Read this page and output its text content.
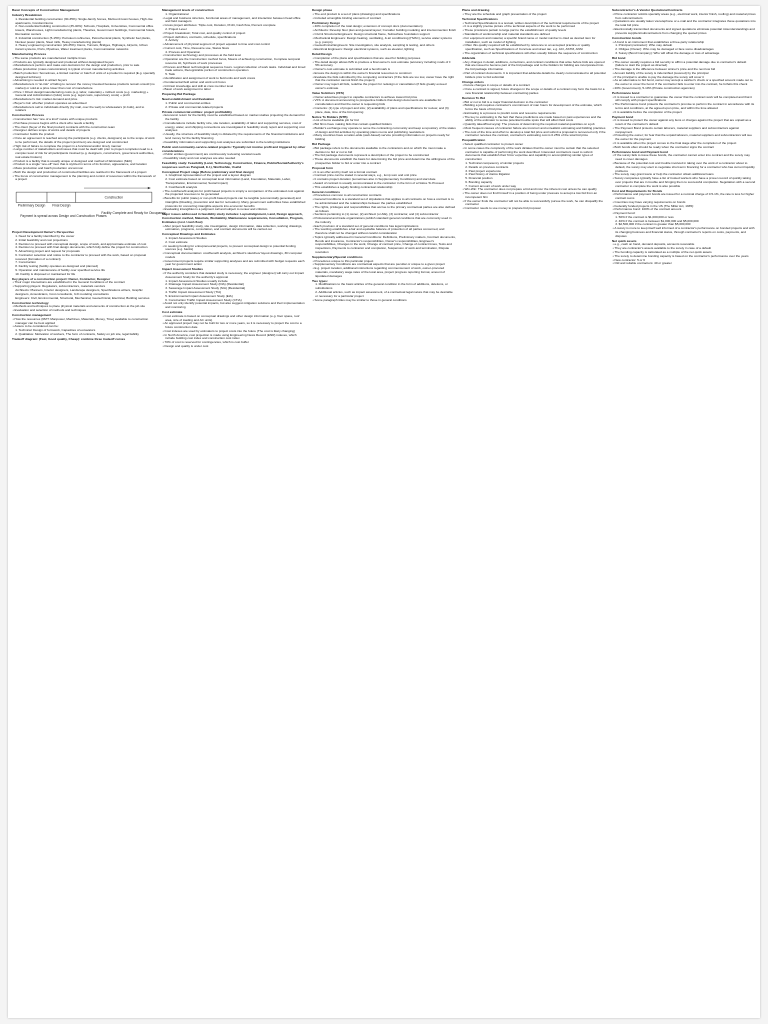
Basic Concepts of Construction Management
Industry Breakdown
1. Residential building construction (30-35%): Single-family homes, Multi-unit town houses, High-rise apartments, Condominiums
2. Non-residential building construction (35-40%): Schools, Hospitals, Universities, Commercial office towers, Warehouses, Light manufacturing plants, Theatres, Government buildings, Commercial hotels, Recreation centers
3. Industrial construction (5-15%): Petroleum refineries, Petrochemical plants, Synthetic fuel plants, Nuclear power plants, Steel mills, Heavy manufacturing plants)
4. Heavy engineering construction (20-25%): Dams, Tunnels, Bridges, Highways, Airports, Urban transit systems, Ports, Pipelines, Water treatment plants, Communication networks
Manufacturing Process
• The same products are manufactured multiple times
• Products are typically designed and produced without designated buyers
• Manufacturers perform and make own decisions for the design and production, prior to sale
• Mass production (mass customization) is typical of most manufacturing activities
• Batch production: Sometimes, a limited number or batch of units of a product is required (E.g. specially designed turbines)
• Advertising is needed to attract buyers
• Manufacturers in "at-risk" of failing to recover the money invested because products remain unsold (no market) or sold at a price lower than cost of manufacture
• Price = Direct design/manufacturing costs (e.g. labor, materials) + indirect costs (e.g. marketing) + General and Administration (G&A) costs (e.g. legal costs, supervisory costs) + profit
• Manufacturer's risk: market demand and price
• Buyer's risk: whether product operates as advertised
• Manufacturers sell to individuals directly (by mail, over the web) to wholesalers (in bulk), and to retailers
Construction Process
• Construction has "one of a kind" nature with unique products
• Purchase process begins with a client who needs a facility
• The client (buyer of the final product) contracts with the construction team
• Designer defines scope of works and details of projects
• Contractor builds the product
• Once an agreement is reached among the participants (e.g. clients, designers) as to the scope of work to be performed, the details of the project (and item) are designed and constructed
• High risk of failure to complete the project in a functional and/or timely manner
• Large number of stakeholders and issues that must be dealt with prior to project completion lead to a complex level of risk for all participants involved (e.g. designers, constructors, government authorities, real estate brokers)
• Product is a facility that is usually unique or designed and method of fabrication (SEC)
• Product is a single "one-off" item that is stylized in terms of its function, appearance, and location
• Mass production and batch production uncommon
• Both the design and production of constructed facilities are realized in the framework of a project
• The focus of construction management is the planning and control of resources within the framework of a project
Preliminary Design Final Design
Construction
Payment is spread across Design and Construction Phases
Facility Complete and Ready for Occupancy
Project Development Owner's Perspective
1. Need for a facility identified by the owner
2. Initial feasibility and cost projections
3. Decision to proceed with conceptual design, scope of work, and approximate estimate of cost
4. Decision to proceed with final design documents, which fully define the project for construction
5. Advertising project and request for proposals
6. Contractor selection and notice to the contractor to proceed with the work, based on proposal received (formation of a contract)
7. Construction
8. Facility testing (facility operates as designed and planned)
9. Operation and maintenance of facility over specified service life
10. Facility is disposed or maintained for life
Key players of a construction project: Owner, Contractor, Designer
• Their major interactions are established in the General Conditions of the contract
• Supporting players: Regulators, subcontractors, materials vendors
Architects: Planners, Interior designers, Landscape designers, Specifications writers, Graphic designers, Acousticians, Cost consultants, 3-D modeling consultants
Engineers: Civil, Environmental, Structural, Mechanical, Geotechnical, Electrical, Building services
Construction technology
• Methods and techniques to place physical materials and elements of construction at the job site
• Evaluation and selection of methods and techniques
Construction management
• How the resources (6M'T: Manpower, Machines, Materials, Money, Time) available to construction manager can be best applied
• Assure to be considered can be:
1. Technical: Design of formwork, Capacities of excavators
2. Qualitative: Motivation of workers, The form of contracts, Safety on job site, legal liability
Tradeoff diagram: (Fast, Good quality, Cheap): combine three tradeoff curves
Management levels of construction
1. Organizational
• Legal and business structure, functional areas of management, and interaction between head office and field managers
• Gross project attributes: Triple cost, Duration, Profit, Cash flow, Percent complete
2. Project Level
• Project breakdown; Total cost, and quality control of project
• Project definition, contracts, schedule, specifications
3. Activity
• Advancement of physical segment of project equated to time and cost control
• Current cost, Time, Resource use, Status flows
4. Process and Operation
• Construction technology and processes at the field level
• Operation are the Construction method focus, Means of achieving construction, Complete temporal resource kit, Synthesis of work processes
• Process and Basic technological sequence hours. Logical collection of work tasks. Individual and timed trade actions, Recognizable portion of construction operation
5. Task
• Identification and assignment of work to field units and work crews
• Fundamental field action and work unit focus
• Intrinsic knowledge and skill at crew member level
• Basic of work assignment to labor
Preparing Bid Package
Need establishment and Evaluation
1. Public and commercial entities
2. Private and commercial-related projects
Private commercial entities: project profitability
• Economic return for the facility must be established based on market studies projecting the demand for the facility
• Considerations include facility size, site location, availability of labor and supporting services, cost of energy, water, and shipping connections are investigated in feasibility study report and supporting cost analyses
• Usually, the structure of feasibility study is dictated by the requirements of the financial institutions and lend money for the facility financing
• Feasibility information and supporting cost analyses are submitted to the lending institutions
Public and community-service-related projects: Typically not involve profit and triggered by other considerations
• Public entities (government) are continuously reviewing societal needs
• Feasibility study and cost analyses are also needed
Feasibility study: Feasibility (Land, Technology, Construction, Finance, Public/Social/Authority's responses such as Pungwall, E.I.), Worthwhile, Useful
Conceptual Project stage (Before preliminary and final design)
1. Graphical representation of the project and a layout diagram
2. Cost estimate based on conceptual level information (Land, Foundation, Materials, Labor, Transportation, Environmental, Social Impact)
3. Cost/benefit analysis
• The cost/benefit analysis for profit based projects is simply a comparison of the estimated cost against the projected revenues to be generated
• Benefits for public (state) or non-profit based projects can be tangible (economically generated) and intangible (Roading, prevention and law for recreation). Many government authorities have established protocols for converting intangible aspects into economic benefits
• Evaluating intangibles is a judgment call and subject to review and criticism
Major issues addressed in feasibility study includes: Layout/alignment, Land, Design approach, Construction method, Materials, Workability, Maintenance requirements, Consultation, Program, Estimates (cost / cash flow)
• After project feasibility study, site investigation, design information, data collection, working drawings, estimation, programs, consultation, and contract documents will be carried out
Conceptual Drawings and Estimates
1. Impact Assessment Studies
2. Cost estimate
• In seeking funding for entrepreneurial projects, to present conceptual design to potential funding sources (e.g. banks)
• Conceptual documentation: cost/benefit analysis, architect's sketches/ layout drawings, 3D computer models
• Government projects require similar supporting analyses and are submitted with budget requests each year for government action
Impact Assessment Studies
• If the authority considers that detailed study is necessary, the engineer (designer) will carry out Impact Assessment Study for the authority's approval
1. Impact Assessment Studies usually include
2. Drainage Impact Assessment Study (DIA) (Residential)
3. Sewerage Impact Assessment Study (SIA) (Residential)
4. Traffic Impact Assessment Study (TIA)
5. Environmental Impact Assessment Study (EIA)
6. Construction Traffic Impact Assessment Study (CTIA)
• Avoid not only identify potential impacts, but also suggest mitigation solutions and their implementation and monitoring
Cost estimate
• Cost estimate is based on conceptual drawings and other design information (e.g. floor space, roof area, size of loading and AC units)
• An approved project may not be built for two or more years, so it is necessary to project the cost to a future construction date
• Cost indexes are used by estimators to project costs into the future (The cost is likely changing)
• In North America, cost projection is made using Engineering News Record (ENR) indexes, which include building cost index and construction cost index
• 70% of cost is reserved for contingencies, which is cost buffer
• Design and quality is under cost
Design phase
• The end product is a set of plans (drawings) and specifications
• Included at tangible binding elements of contract
Preliminary Design
• 40% completion of the total design; extension of concept docs (documentation)
• Architects: Develop floor plan and general layout; Consider building modeling and interconnection finish
• Civil & Structural Engineers: Design structural frame, Subsurface foundation support
• Mechanical Engineers: Design heating, ventilating, & air conditioning (HVAC), service water systems (e.g. pumps)
• Geotechnical Engineers: Site investigation, site analysis, sampling & testing, and others
• Electrical Engineers: Design electrical systems, such as elevator, lighting
Detail Design
• Completion of the plans and specifications that are used for bidding purposes
• The detail design allows IMS to produce a final owner's cost estimate (accuracy including mods of ± 5% accuracy
• Owner's cost estimate is submitted and a benchmark is
• Ensure the design is within the owner's financial resources to construct
• Evaluate the bids submitted by the competing contractors (If the bids are too low, owner have the right that the contractor cannot finish the project)
• Owner may reject all bids, redefine the project for redesign or cancellation (if bids greatly exceed owner's estimate
Value Solicitors (VFS)
• Owner advertises project to capable contractors to achieve lowest bid price
• VFS: A document announcing to prospective bidders that design documents are available for consideration and that the owner is requesting bids
• Contents: (1) type of project and size; (2) availability of plans and specifications for review; and (3) place, date, time of the bid opening
Notice To Bidders (NTB)
• List of items available job for bid
• Bid firms have making bids that contain qualified bidders
• Builder's exchange may operate to serve the contracting community and keep a repository of the status of design and bid activities by operating plans rooms and publishing newsletters
• Many countries have a nation-wide (web-based) service providing information on projects ready for bidding
Bid Package
• Bid package refers to the documents available to the contractors and on which the must make a decision to bid or not to bid
• The bid package documents represent a description of the project to be constructed
• These documents establish the basis for determining the bid price and determine the willingness of the prospective bidder to bid or enter into a contract
Proposal form
• It is an offer and by itself not a formal contract
• Contract price can be stated in several ways, e.g., lump sum and unit price
• It contains project duration (sometimes also in Supplementary Conditions) and start date
• Award of contract is usually communicated to the contractor in the form of a Notice To Proceed
• This establishes a legally binding contractual relationship
General conditions
• Procedures common to all construction contracts
• General Conditions is a standard set of stipulations that applies to all contracts on how a contract is to be administrated and the relationships between the parties established
• The rights, privileges and responsibilities that accrue to the primary contractual parties are also defined as follows
• Sections pertaining to (1) owner, (2) architect (or AIE), (3) contractor, and (4) subcontractor
• Professional and trade organizations publish standard general conditions that are commonly used in the industry
• Each provision of a standard set of general conditions has legal implications
• The wording establishes a fair and equitable balance of protection of all parties concerned, and therefore shall not be changed without careful consideration
• Topics typically addressed in General Conditions: Definitions, Preliminary matters, Contract documents, Bonds and insurance, Contractor's responsibilities, Owner's responsibilities, Engineer's responsibilities, Changes in the work, Change of contract price, Change of contract times, Tests and inspections, Payments to contractor and completion, Suspension of work and termination, Dispute resolution
Supplementary/Special conditions
• Procedures unique to this particular project
• Supplementary Conditions are contractual aspects that are peculiar or unique to a given project
• E.g. project location, additional instructions regarding commencement of work, owner-procured materials, mandatory wage rates of the local area, project progress reporting format, amount of liquidated damages
Two types:
1. Modifications to the basic articles of the general condition in the form of additions, deletions, or substitutions
2. Additional articles, such as impact assessment, of a contractual legal nature that may be desirable or necessary for a particular project
• Some paragraph titles may be similar to those in general conditions
Plans and drawing
• They are the schedule and graph presentation of the project
Technical Specifications
• Technical Specifications is a textual, written description of the technical requirements of the project
• It is a slightly precise picture of the technical aspects of the work to be performed
• These provisions pertain to large part to the establishment of quality levels
• Standards of workmanship and material standards are defined
• For equipment and material, a specific brand name or model number is cited as desired item for installation, such as model of lighting
• Often this quality required will be established by reference to an accepted practice or quality specification, such as Specifications of Concrete and street tan, e.g. ACI, ASTM, ANSI
• The organization of technical specifications will often usually follows the sequence of construction
Addenda
• Any changes in detail, additions, corrections, and contract conditions that arise before bids are opened that are issued to become part of the bid package and to the bidders for bidding are incorporated into the bid package information
• Part of contract documents. It is important that addenda details be clearly communicated to all potential bidders prior to bid submittal
Change orders
• Future changes in scope or details of a contract
• Once a contract is signed, future changes in the scope or details of a contract may form the basis for a new financial relationship between contracting parties
Decision To Bid
• Bid or not to bid is a major financial decision to the contractor
• Bidding a job requires contractor's commitment of man hours for development of the estimate, which forms the basis of bid price
• Estimating is a process to predict costs and resource requirements
• The key to estimating is the fact that these predictions are made based on past experiences and the ability of the estimator to sense potential trouble spots that will affect field costs
• Quantity takeoff/surveying: The process of determining the required material quantities on a job
• Most frequent causes of contractor failure are incorrect and unrealistic estimating and bidding practices
• The cost of the time and effort to develop a total bid price and submit a proposal is recovered only if the contractor receives the contract, contractor's estimating cost is 0.25% of the total bid price
Prequalification
• Select qualified contractor to protect owner
• In some cases the complexity of the work dictates that the owner must be certain that the selected contractor is capable of performing the work described. Interested contractors need to submit documents that establish their firms' expertise and capability in accomplishing similar types of construction
1. Technical competency of similar projects
2. Details on previous contracts
3. Past project experience
4. Past history of claims litigation
5. Financial position
6. Bonding capacity
7. Current amount of work under way
• Win-Win: The contractor does not prepare a bid and incur the inherent cost unless he can qualify
• The owner does not find himself in a position of being under pressure to accept a low bid from an incompetent firm
• If the owner finds the contractor will not be able to successfully pursue the work, he can disqualify the contractor
• Contractor needs to use money to prepare bid proposal
Subcontractor's & Vendor Quotations/Contracts
• Prime contractor solicits specialty areas (e.g., electrical work, interior finish, roofing) and material prices from subcontractors
• Quotations are usually taken via telephone or e-mail and the contractor integrates these quotations into the total bid price
• Electronically transmitted documents and signed quotations eliminate potential misunderstandings and prevents suppliers/subcontractors from changing the quoted prices
Construction bonds
• A bond is an instrument that establishes a three-party relationship
1. Principal (contractor): Who may default
2. Obligee (Owner): Who may be damaged or face some disadvantages
3. Surety (Bond Company): Who will offset the damage or loss of advantage
Bid bond
• The owner usually requires a bid security to affirm a potential damage due to contractor's default (failure to start the project as directed)
• The damage is the difference between winner's price and the next low bid
• Amount liability of the surety is indemnified (covered) by the principal
• If the principal is unable to pay the damage the surety will cover it
• As an alternative to bid bond, owner may accept a cashier's check or a specified amount made out to the owner to cover the bond. If the contractor fails to enter into the contract, he forfeits this check
• 20% (Government), 5-10% (Private construction agencies)
Performance bond
• It is issued to a contractor to guarantee the owner that the contract work will be completed and that it will comply with project specifications
• The Performance bond protects the contractor's promise to perform the contract in accordance with its terms and conditions, at the agreed upon price, and within the time allowed
• It is available before the completion of the project
Payment bond
• It is issued to protect the owner against any liens or charges against the project that are unpaid as a result of the contractor's default
• The Payment Bond protects certain laborers, material suppliers and subcontractors against nonpayment
• Protecting the owner; for fear that the unpaid laborers, material suppliers and subcontractors will sue the owner for the payment
• It is available when the project comes to the final stage after the completion of the project
• Both bonds often should be ready when the contractor signs the contract
Performance bond and Payment bond
• If the surety fails to issue these bonds, the contractor cannot enter into contract and the surety may need to cover damages
• Because of the potential cost and trouble involved in taking over the work of a contractor about to default, the surety may elect to negotiate short-term financing for a contractor who has current liquidity problems
• The surety may grant loans or help the contractor obtain additional loans
• Surety companies typically have a list of trusted workers who have a proven record of quickly taking over projects that are in trouble and bringing them to successful completion. Negotiation with a second contractor to complete the work is also possible
Cost and Requirements for Bonds
• Performance and payment bonds are issued for a nominal charge of 0.5-1%, the rate is less for higher contract sums
• Countries may have varying requirements on bonds
• Federally funded projects in the US (The Miller Act, 1935):
• Performance bond: 100% of the contract amount
• Payment bond:
1. 50% if the contract is $1,000,000 or less
2. 40% if the contract is between $1,000,000 and $5,000,000
3. $2,500,000 if the contract is greater than $5,000,000
• A surety is more to keep itself well informed of a contractor's performance on bonded projects and with its changing business and financial status, through contractor's reports on costs, payments, and disputes
Net quick assets
• e.g., cash on hand, demand deposits, accounts receivable
• They are contractor's assets available to the surety in case of a default
• The bonding capacity is calculated as a multiple of the net quick assets
• The surety to determine bonding capacity is based on the contractor's performance over the years
• New contractor: 5 or 6
• Old and reliable contractors: 40 or greater
